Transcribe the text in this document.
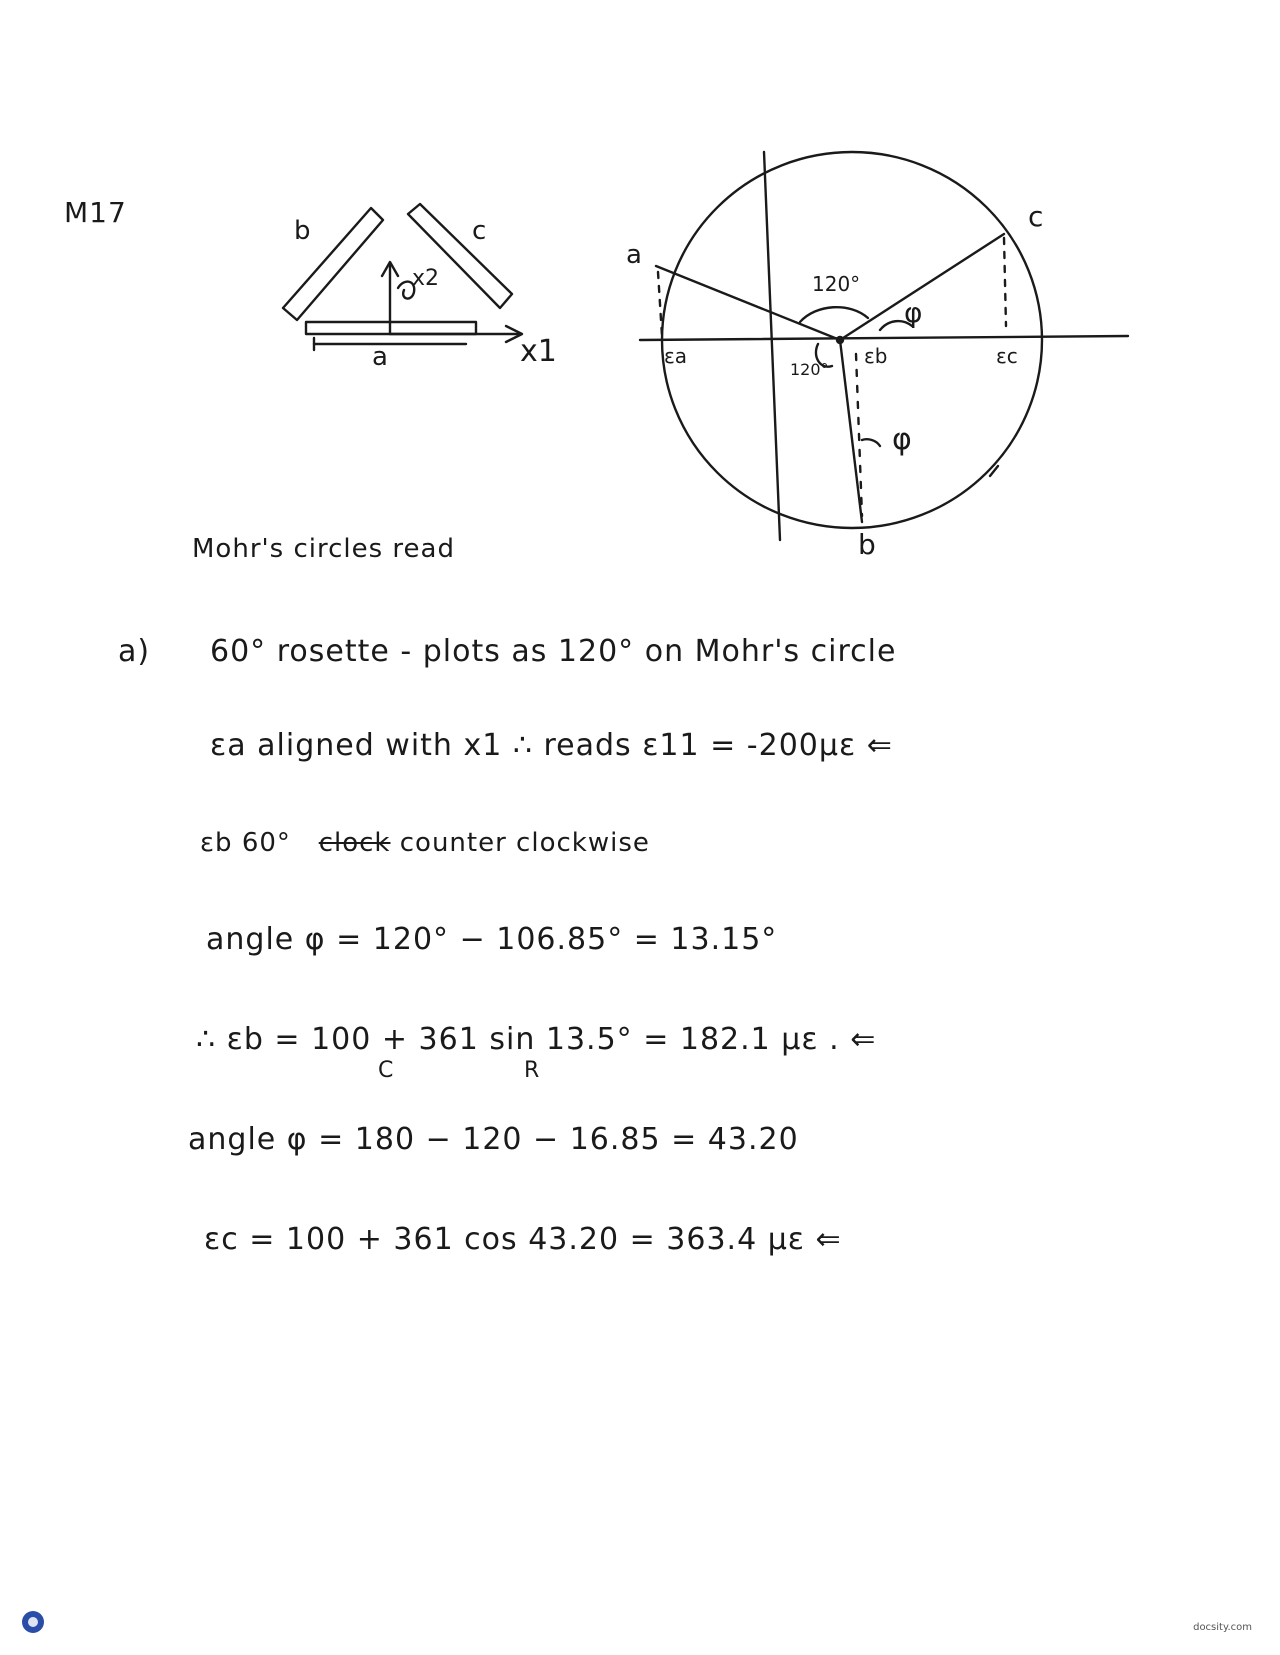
M17
b	c
a
x2
x1
a
c
b
120°
120°
φ
φ
εa	εb	εc
Mohr's circles read
a) 60° rosette - plots as 120° on Mohr's circle
εa aligned with x1 ∴ reads ε11 = -200με ⇐
εb 60° clock counter clockwise
angle φ = 120° − 106.85° = 13.15°
∴ εb = 100 + 361 sin 13.5° = 182.1 με . ⇐
C	R
angle φ = 180 − 120 − 16.85 = 43.20
εc = 100 + 361 cos 43.20 = 363.4 με ⇐
docsity.com
